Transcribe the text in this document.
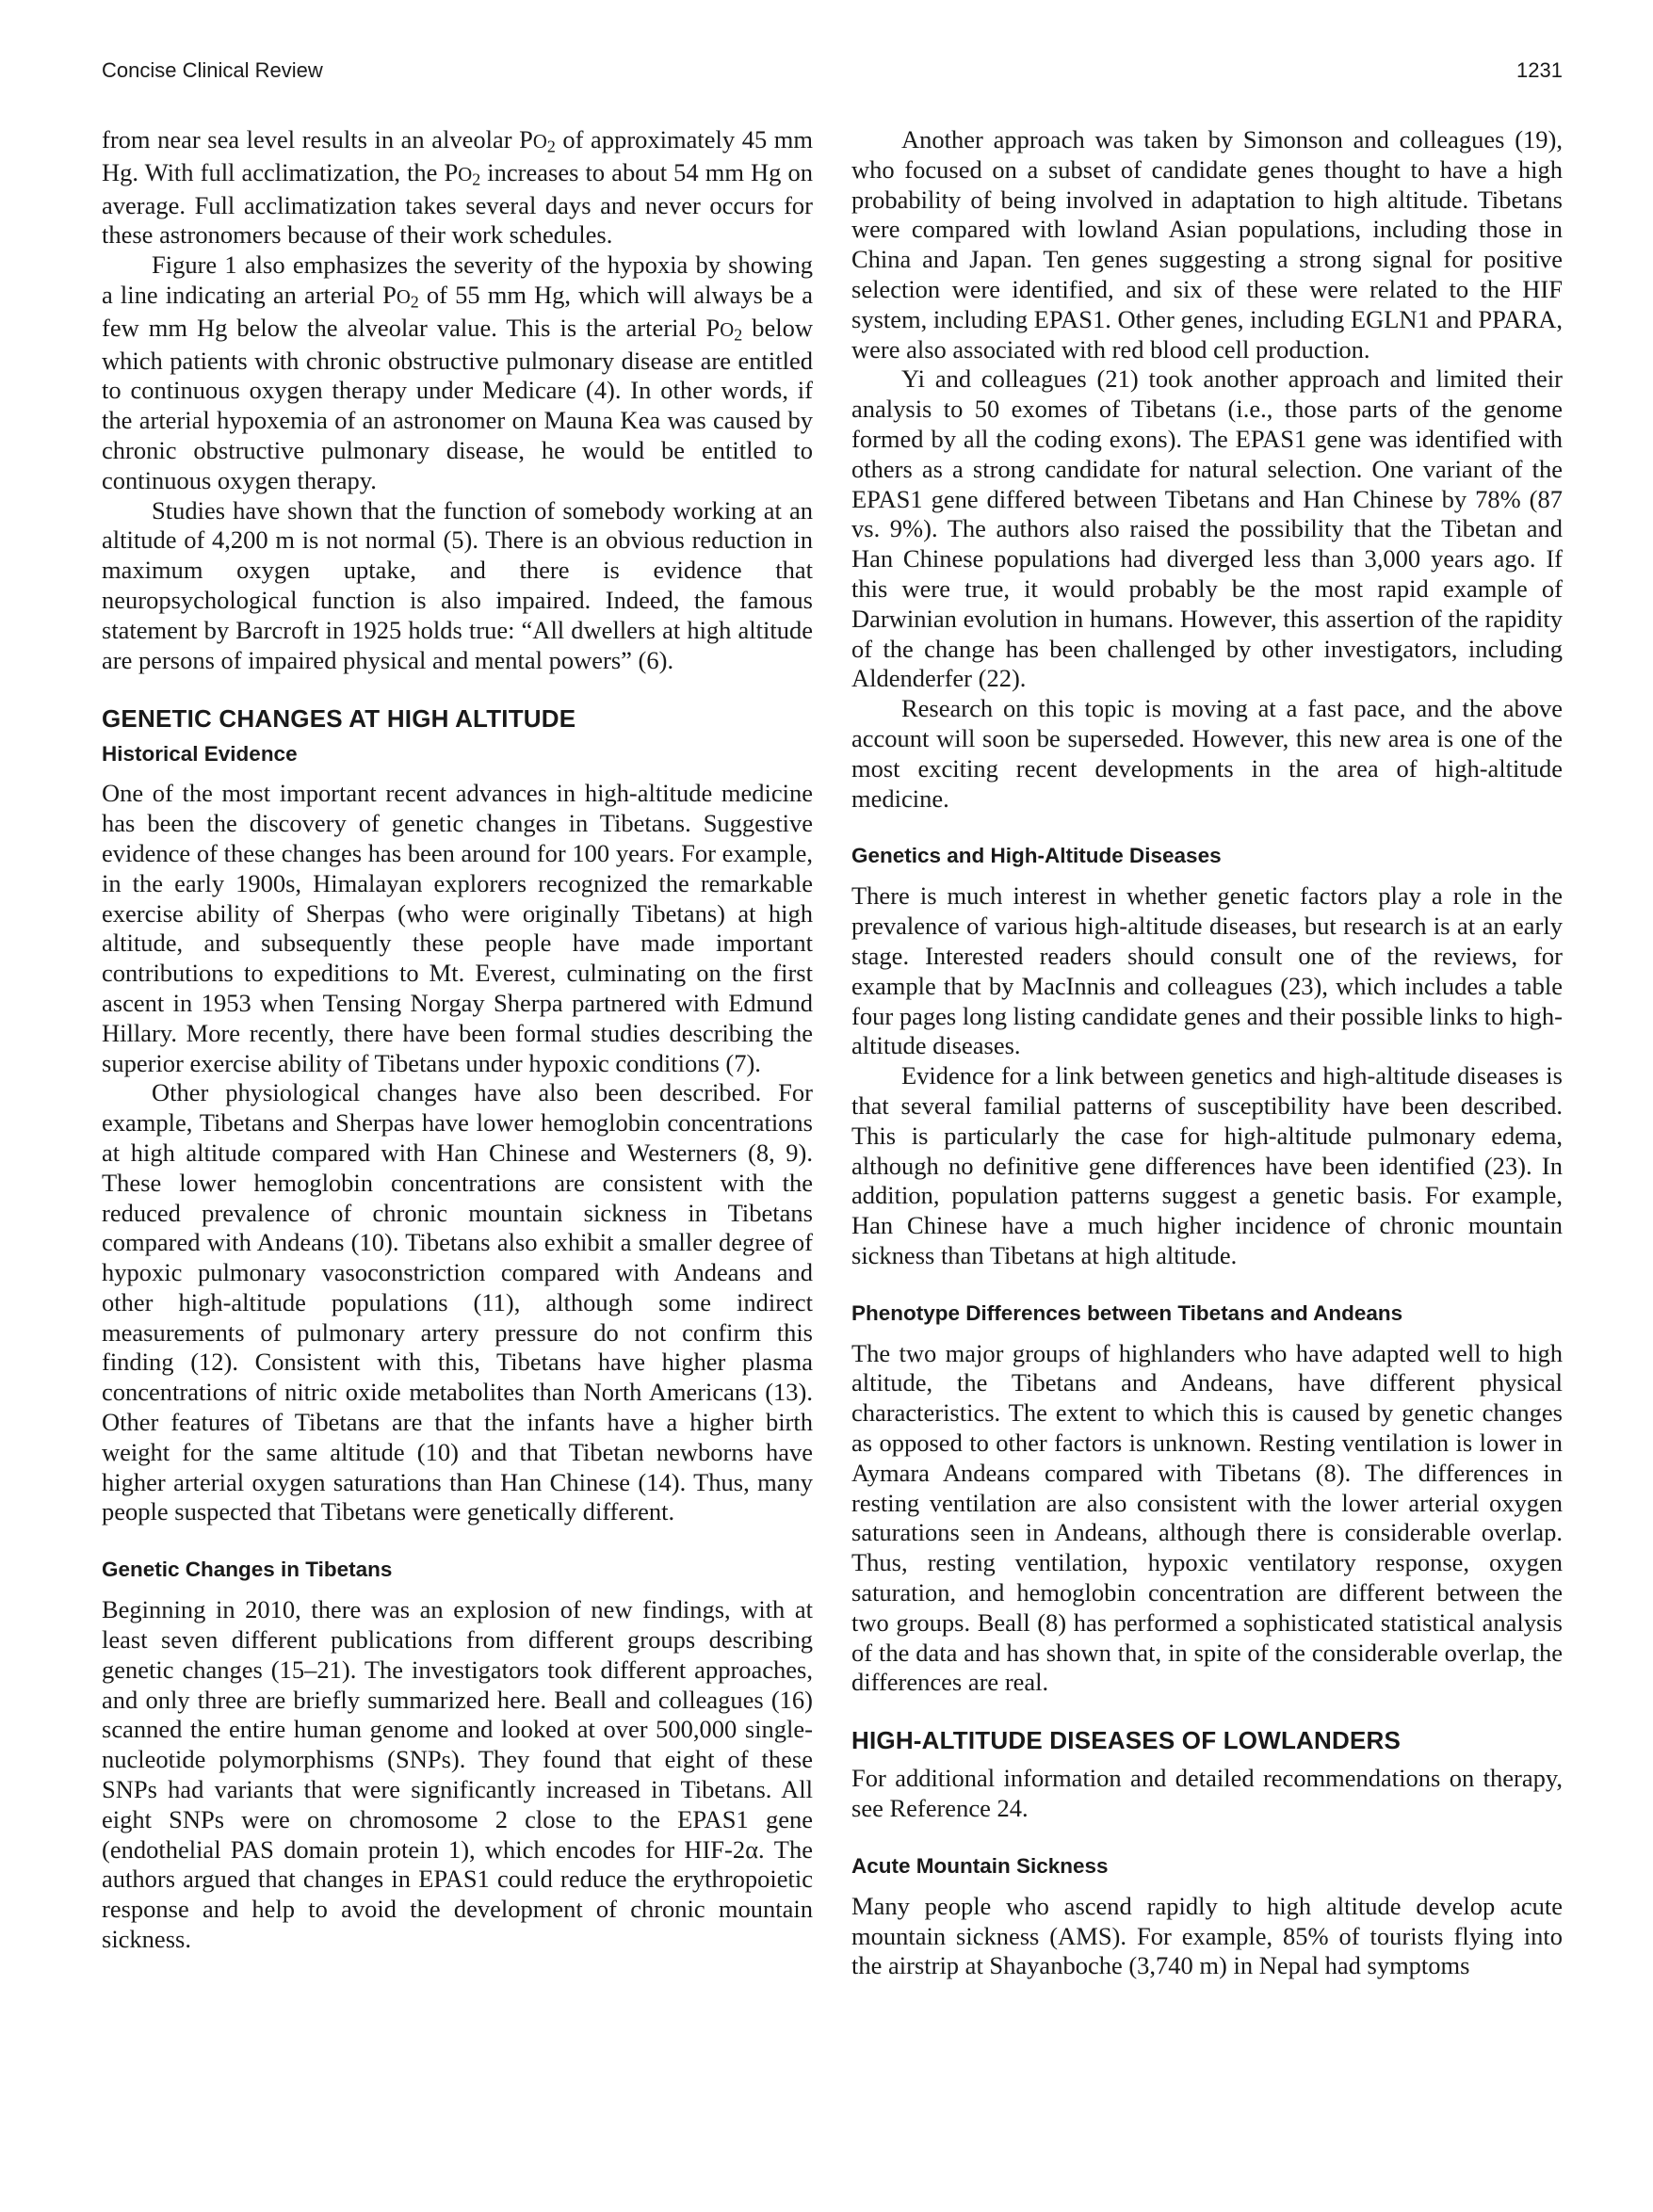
Concise Clinical Review	1231

from near sea level results in an alveolar $PO_2$ of approximately 45 mm Hg. With full acclimatization, the $PO_2$ increases to about 54 mm Hg on average. Full acclimatization takes several days and never occurs for these astronomers because of their work schedules.

Figure 1 also emphasizes the severity of the hypoxia by showing a line indicating an arterial $PO_2$ of 55 mm Hg, which will always be a few mm Hg below the alveolar value. This is the arterial $PO_2$ below which patients with chronic obstructive pulmonary disease are entitled to continuous oxygen therapy under Medicare (4). In other words, if the arterial hypoxemia of an astronomer on Mauna Kea was caused by chronic obstructive pulmonary disease, he would be entitled to continuous oxygen therapy.

Studies have shown that the function of somebody working at an altitude of 4,200 m is not normal (5). There is an obvious reduction in maximum oxygen uptake, and there is evidence that neuropsychological function is also impaired. Indeed, the famous statement by Barcroft in 1925 holds true: “All dwellers at high altitude are persons of impaired physical and mental powers” (6).

GENETIC CHANGES AT HIGH ALTITUDE
Historical Evidence

One of the most important recent advances in high-altitude medicine has been the discovery of genetic changes in Tibetans. Suggestive evidence of these changes has been around for 100 years. For example, in the early 1900s, Himalayan explorers recognized the remarkable exercise ability of Sherpas (who were originally Tibetans) at high altitude, and subsequently these people have made important contributions to expeditions to Mt. Everest, culminating on the first ascent in 1953 when Tensing Norgay Sherpa partnered with Edmund Hillary. More recently, there have been formal studies describing the superior exercise ability of Tibetans under hypoxic conditions (7).

Other physiological changes have also been described. For example, Tibetans and Sherpas have lower hemoglobin concentrations at high altitude compared with Han Chinese and Westerners (8, 9). These lower hemoglobin concentrations are consistent with the reduced prevalence of chronic mountain sickness in Tibetans compared with Andeans (10). Tibetans also exhibit a smaller degree of hypoxic pulmonary vasoconstriction compared with Andeans and other high-altitude populations (11), although some indirect measurements of pulmonary artery pressure do not confirm this finding (12). Consistent with this, Tibetans have higher plasma concentrations of nitric oxide metabolites than North Americans (13). Other features of Tibetans are that the infants have a higher birth weight for the same altitude (10) and that Tibetan newborns have higher arterial oxygen saturations than Han Chinese (14). Thus, many people suspected that Tibetans were genetically different.

Genetic Changes in Tibetans

Beginning in 2010, there was an explosion of new findings, with at least seven different publications from different groups describing genetic changes (15–21). The investigators took different approaches, and only three are briefly summarized here. Beall and colleagues (16) scanned the entire human genome and looked at over 500,000 single-nucleotide polymorphisms (SNPs). They found that eight of these SNPs had variants that were significantly increased in Tibetans. All eight SNPs were on chromosome 2 close to the EPAS1 gene (endothelial PAS domain protein 1), which encodes for HIF-2α. The authors argued that changes in EPAS1 could reduce the erythropoietic response and help to avoid the development of chronic mountain sickness.

Another approach was taken by Simonson and colleagues (19), who focused on a subset of candidate genes thought to have a high probability of being involved in adaptation to high altitude. Tibetans were compared with lowland Asian populations, including those in China and Japan. Ten genes suggesting a strong signal for positive selection were identified, and six of these were related to the HIF system, including EPAS1. Other genes, including EGLN1 and PPARA, were also associated with red blood cell production.

Yi and colleagues (21) took another approach and limited their analysis to 50 exomes of Tibetans (i.e., those parts of the genome formed by all the coding exons). The EPAS1 gene was identified with others as a strong candidate for natural selection. One variant of the EPAS1 gene differed between Tibetans and Han Chinese by 78% (87 vs. 9%). The authors also raised the possibility that the Tibetan and Han Chinese populations had diverged less than 3,000 years ago. If this were true, it would probably be the most rapid example of Darwinian evolution in humans. However, this assertion of the rapidity of the change has been challenged by other investigators, including Aldenderfer (22).

Research on this topic is moving at a fast pace, and the above account will soon be superseded. However, this new area is one of the most exciting recent developments in the area of high-altitude medicine.

Genetics and High-Altitude Diseases

There is much interest in whether genetic factors play a role in the prevalence of various high-altitude diseases, but research is at an early stage. Interested readers should consult one of the reviews, for example that by MacInnis and colleagues (23), which includes a table four pages long listing candidate genes and their possible links to high-altitude diseases.

Evidence for a link between genetics and high-altitude diseases is that several familial patterns of susceptibility have been described. This is particularly the case for high-altitude pulmonary edema, although no definitive gene differences have been identified (23). In addition, population patterns suggest a genetic basis. For example, Han Chinese have a much higher incidence of chronic mountain sickness than Tibetans at high altitude.

Phenotype Differences between Tibetans and Andeans

The two major groups of highlanders who have adapted well to high altitude, the Tibetans and Andeans, have different physical characteristics. The extent to which this is caused by genetic changes as opposed to other factors is unknown. Resting ventilation is lower in Aymara Andeans compared with Tibetans (8). The differences in resting ventilation are also consistent with the lower arterial oxygen saturations seen in Andeans, although there is considerable overlap. Thus, resting ventilation, hypoxic ventilatory response, oxygen saturation, and hemoglobin concentration are different between the two groups. Beall (8) has performed a sophisticated statistical analysis of the data and has shown that, in spite of the considerable overlap, the differences are real.

HIGH-ALTITUDE DISEASES OF LOWLANDERS

For additional information and detailed recommendations on therapy, see Reference 24.

Acute Mountain Sickness

Many people who ascend rapidly to high altitude develop acute mountain sickness (AMS). For example, 85% of tourists flying into the airstrip at Shayanboche (3,740 m) in Nepal had symptoms
